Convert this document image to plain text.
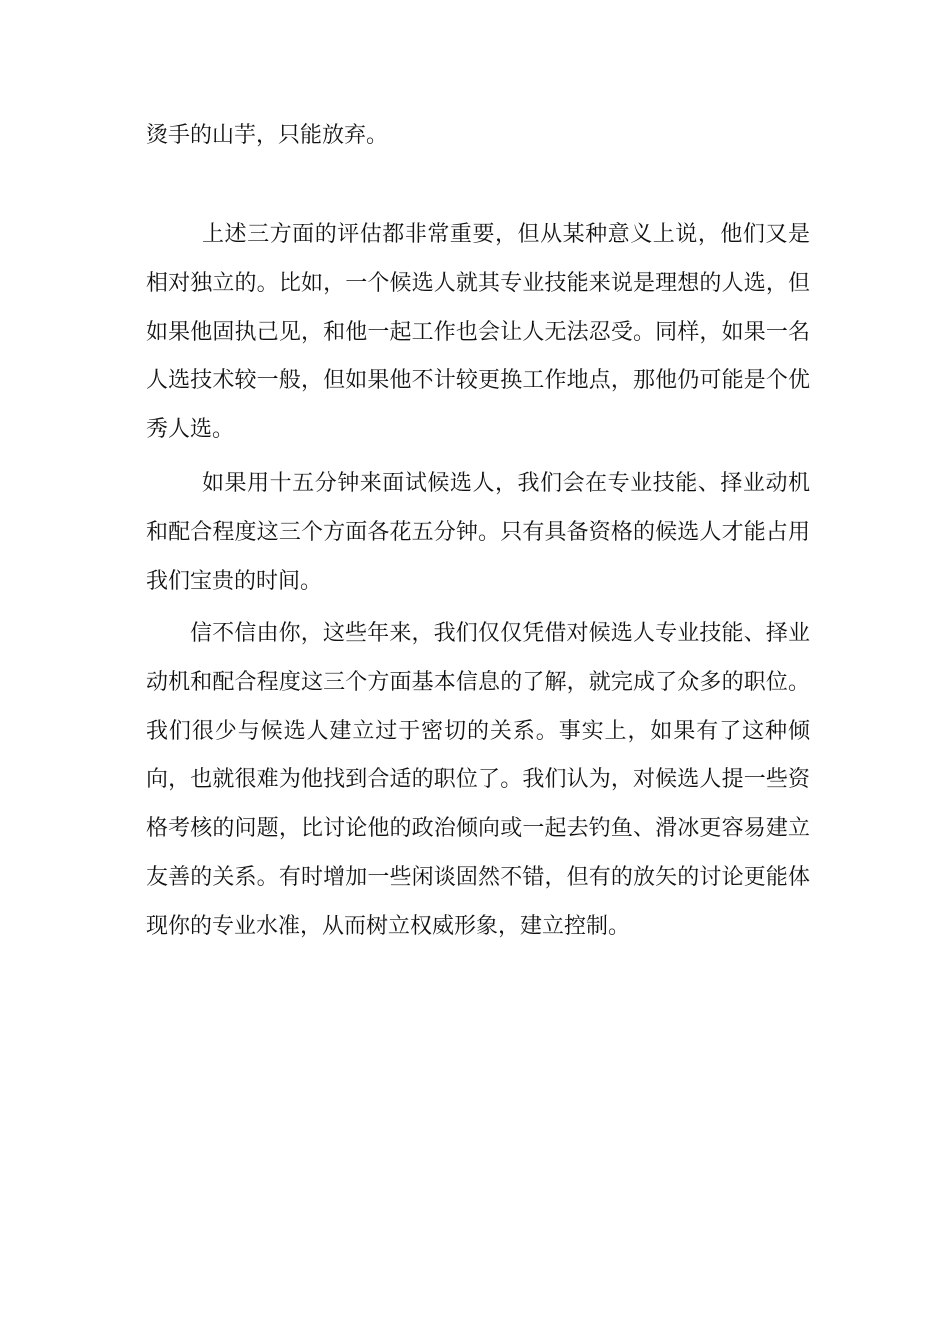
烫手的山芋，只能放弃。

上述三方面的评估都非常重要，但从某种意义上说，他们又是相对独立的。比如，一个候选人就其专业技能来说是理想的人选，但如果他固执己见，和他一起工作也会让人无法忍受。同样，如果一名人选技术较一般，但如果他不计较更换工作地点，那他仍可能是个优秀人选。

如果用十五分钟来面试候选人，我们会在专业技能、择业动机和配合程度这三个方面各花五分钟。只有具备资格的候选人才能占用我们宝贵的时间。

信不信由你，这些年来，我们仅仅凭借对候选人专业技能、择业动机和配合程度这三个方面基本信息的了解，就完成了众多的职位。我们很少与候选人建立过于密切的关系。事实上，如果有了这种倾向，也就很难为他找到合适的职位了。我们认为，对候选人提一些资格考核的问题，比讨论他的政治倾向或一起去钓鱼、滑冰更容易建立友善的关系。有时增加一些闲谈固然不错，但有的放矢的讨论更能体现你的专业水准，从而树立权威形象，建立控制。
